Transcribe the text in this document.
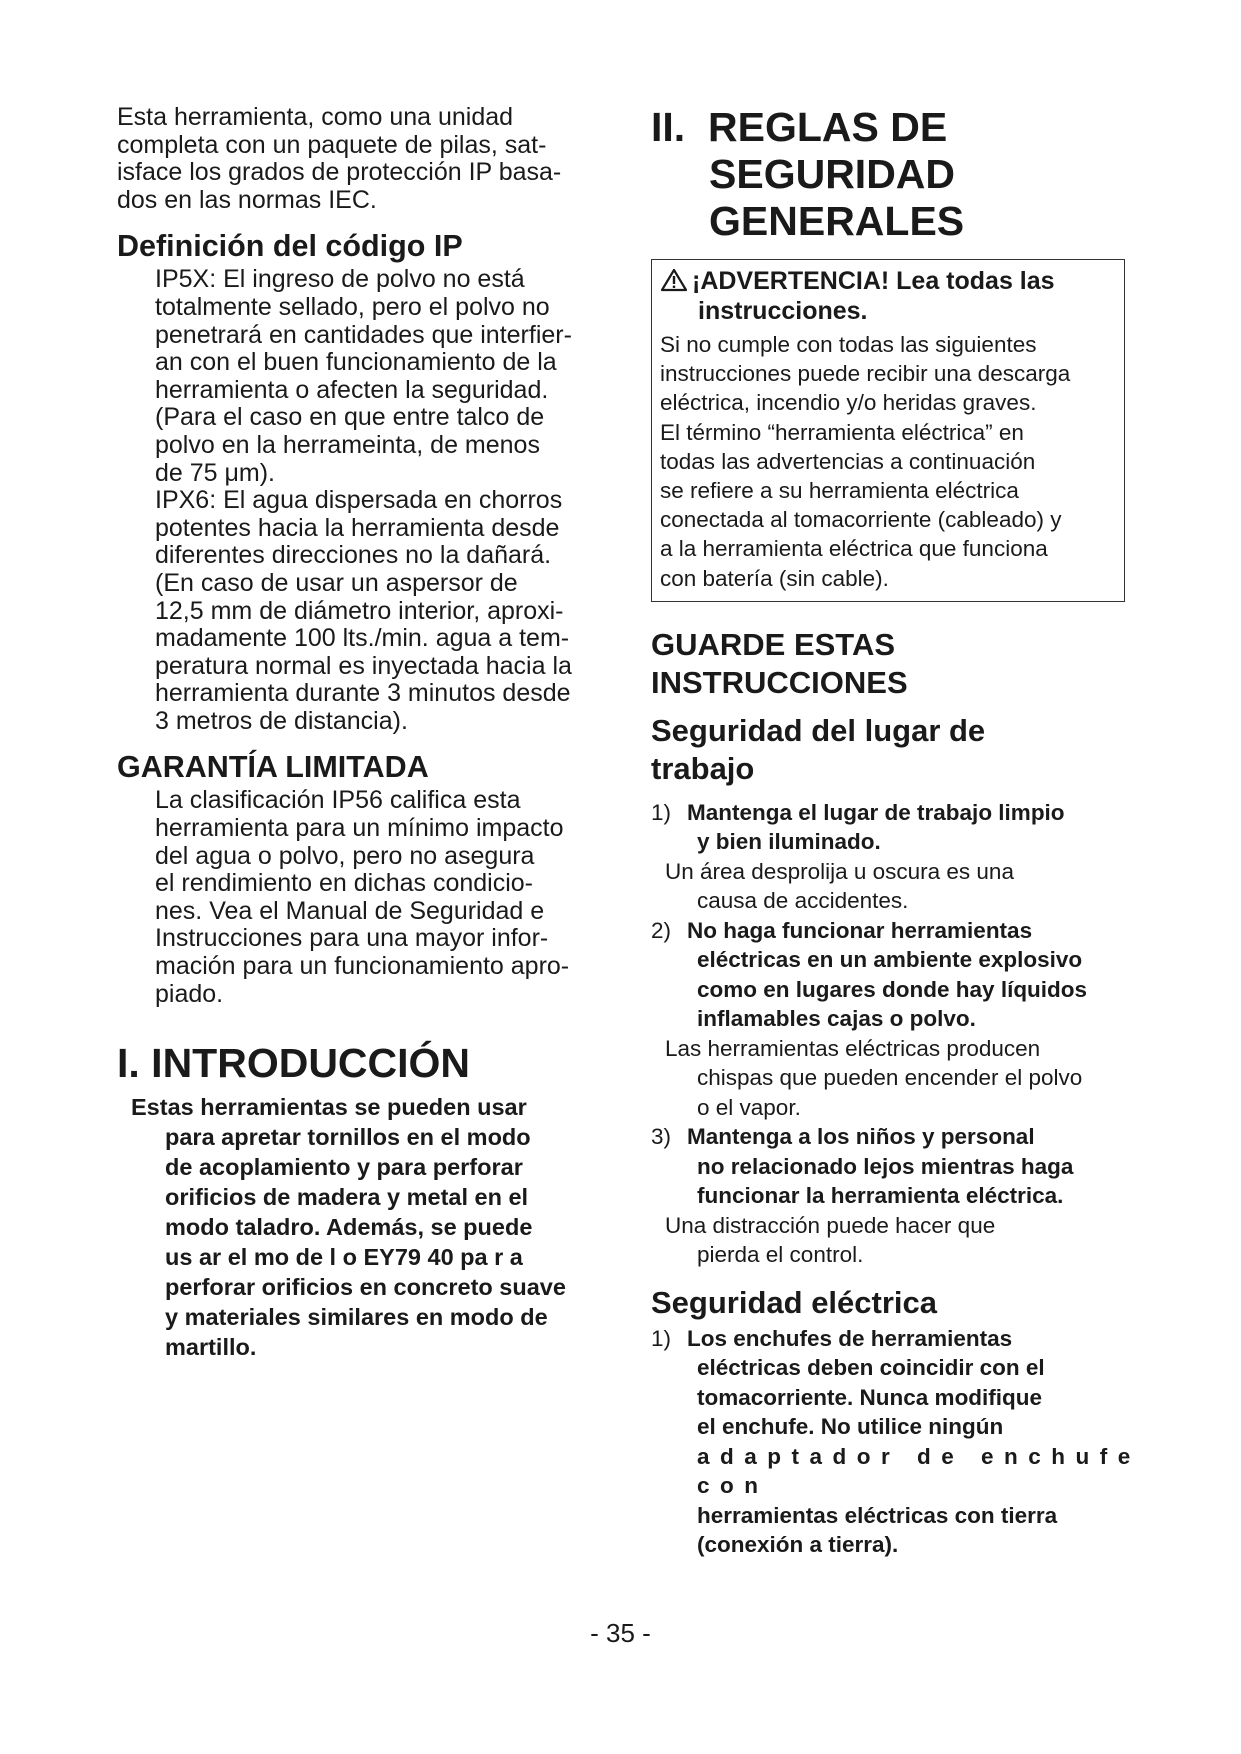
Esta herramienta, como una unidad
completa con un paquete de pilas, sat-
isface los grados de protección IP basa-
dos en las normas IEC.

Definición del código IP

IP5X: El ingreso de polvo no está
totalmente sellado, pero el polvo no
penetrará en cantidades que interfier-
an con el buen funcionamiento de la
herramienta o afecten la seguridad.
(Para el caso en que entre talco de
polvo en la herrameinta, de menos
de 75 μm).
IPX6: El agua dispersada en chorros
potentes hacia la herramienta desde
diferentes direcciones no la dañará.
(En caso de usar un aspersor de
12,5 mm de diámetro interior, aproxi-
madamente 100 lts./min. agua a tem-
peratura normal es inyectada hacia la
herramienta durante 3 minutos desde
3 metros de distancia).

GARANTÍA LIMITADA

La clasificación IP56 califica esta
herramienta para un mínimo impacto
del agua o polvo, pero no asegura
el rendimiento en dichas condicio-
nes. Vea el Manual de Seguridad e
Instrucciones para una mayor infor-
mación para un funcionamiento apro-
piado.

I. INTRODUCCIÓN

Estas herramientas se pueden usar
para apretar tornillos en el modo
de acoplamiento y para perforar
orificios de madera y metal en el
modo taladro. Además, se puede
us ar el mo de l o EY79 40 pa r a
perforar orificios en concreto suave
y materiales similares en modo de
martillo.

II. REGLAS DE
SEGURIDAD
GENERALES
¡ADVERTENCIA! Lea todas las
instrucciones.
Si no cumple con todas las siguientes
instrucciones puede recibir una descarga
eléctrica, incendio y/o heridas graves.
El término “herramienta eléctrica” en
todas las advertencias a continuación
se refiere a su herramienta eléctrica
conectada al tomacorriente (cableado) y
a la herramienta eléctrica que funciona
con batería (sin cable).
GUARDE ESTAS
INSTRUCCIONES
Seguridad del lugar de
trabajo
1) Mantenga el lugar de trabajo limpio
y bien iluminado.
Un área desprolija u oscura es una
causa de accidentes.
2) No haga funcionar herramientas
eléctricas en un ambiente explosivo
como en lugares donde hay líquidos
inflamables cajas o polvo.
Las herramientas eléctricas producen
chispas que pueden encender el polvo
o el vapor.
3) Mantenga a los niños y personal
no relacionado lejos mientras haga
funcionar la herramienta eléctrica.
Una distracción puede hacer que
pierda el control.
Seguridad eléctrica
1) Los enchufes de herramientas
eléctricas deben coincidir con el
tomacorriente. Nunca modifique
el enchufe. No utilice ningún
adaptador de enchufe con
herramientas eléctricas con tierra
(conexión a tierra).
- 35 -
